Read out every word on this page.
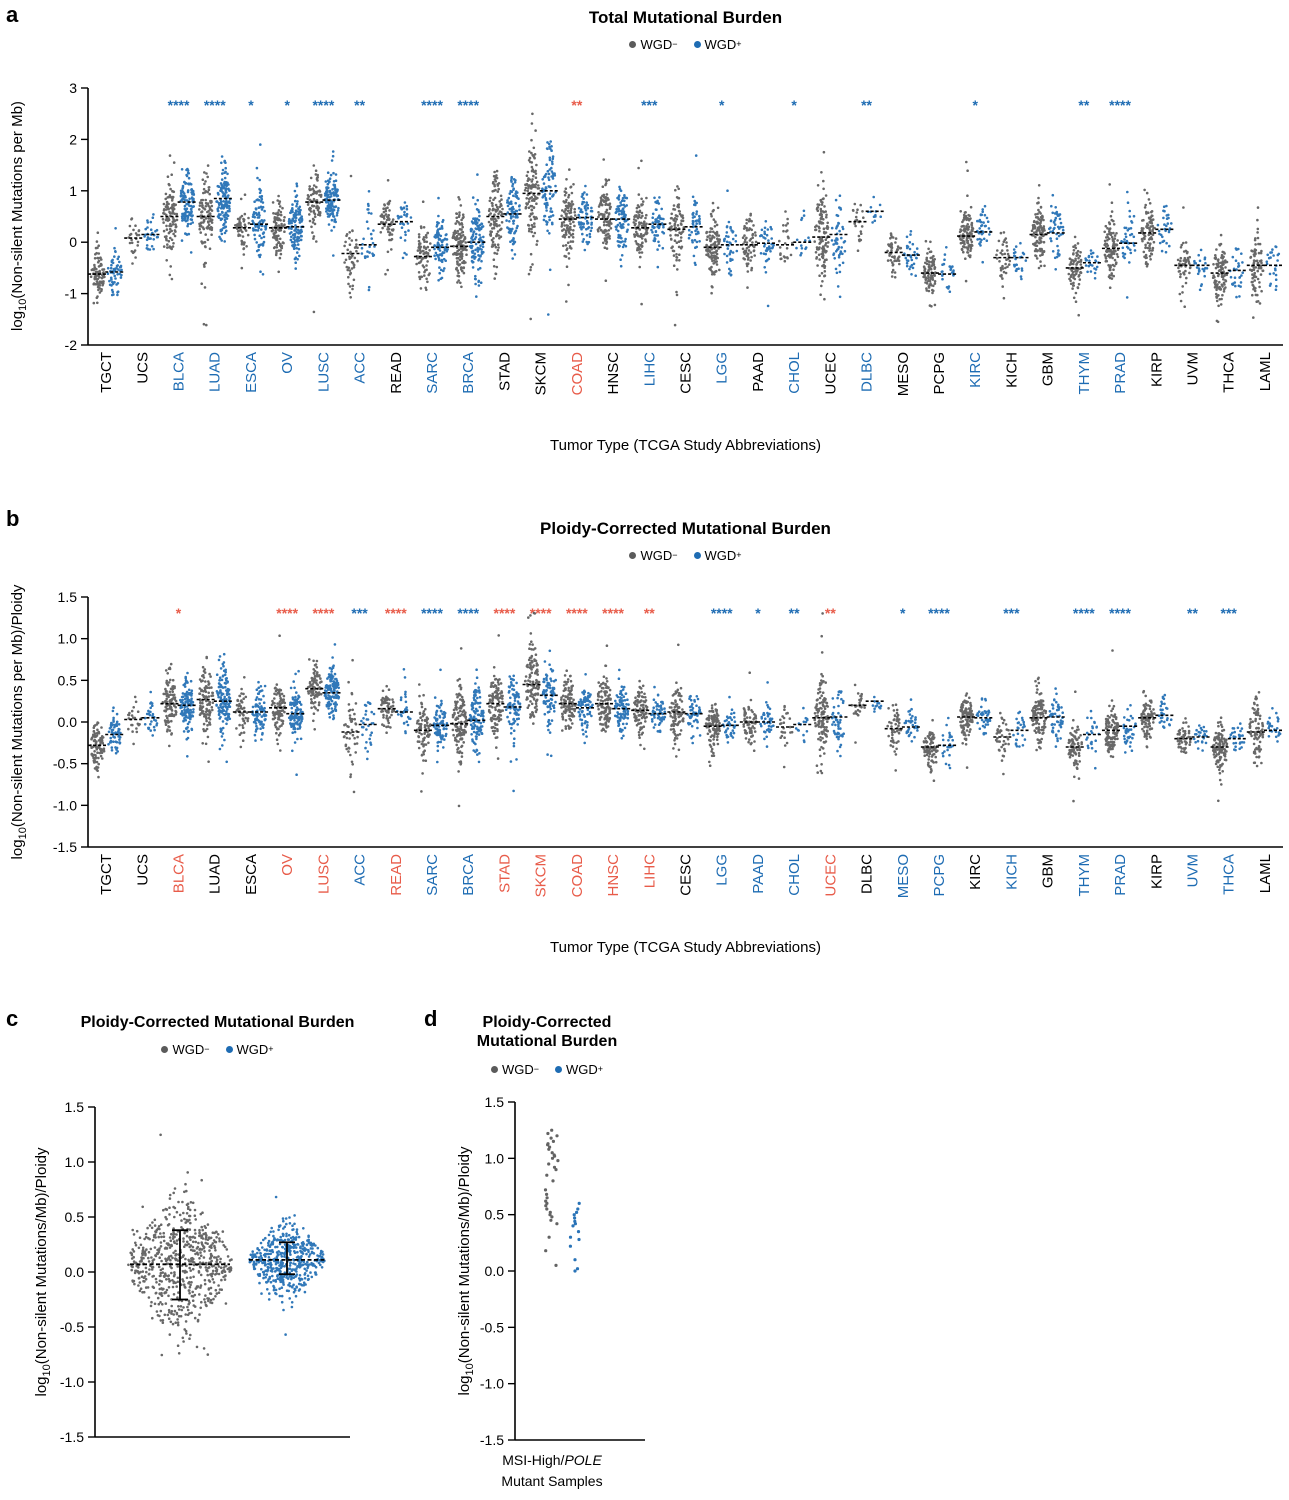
3
2
1
0
-1
-2
TGCT UCS
****
BLCA
****
LUAD
*
ESCA
*
OV
****
LUSC
**
ACC READ
****
SARC
****
BRCA STAD SKCM
**
COAD HNSC
***
LIHC CESC
*
LGG PAAD
*
CHOL UCEC
**
DLBC MESO PCPG
*
KIRC KICH GBM
**
THYM
****
PRAD KIRP UVM THCA LAML
1.5
1.0
0.5
0.0
-0.5
-1.0
-1.5
TGCT UCS
*
BLCA LUAD ESCA
****
OV
****
LUSC
***
ACC
****
READ
****
SARC
****
BRCA
****
STAD
****
SKCM
****
COAD
****
HNSC
**
LIHC CESC
****
LGG
*
PAAD
**
CHOL
**
UCEC DLBC
*
MESO
****
PCPG KIRC
***
KICH GBM
****
THYM
****
PRAD KIRP
**
UVM
***
THCA LAML
1.5
1.0
0.5
0.0
-0.5
-1.0
-1.5
1.5
1.0
0.5
0.0
-0.5
-1.0
-1.5
a	Total Mutational Burden
WGD − WGD +
$\log_{10}(Non$-silent Mutations per Mb)
Tumor Type (TCGA Study Abbreviations)
b	Ploidy-Corrected Mutational Burden
WGD − WGD +
$\log_{10}(Non$-silent Mutations per Mb)/Ploidy
Tumor Type (TCGA Study Abbreviations)
c	Ploidy-Corrected Mutational Burden
WGD − WGD +
$\log_{10}(Non$-silent Mutations/Mb)/Ploidy
d	Ploidy-Corrected
Mutational Burden
WGD − WGD +
$\log_{10}(Non$-silent Mutations/Mb)/Ploidy
MSI-High/POLE
Mutant Samples
